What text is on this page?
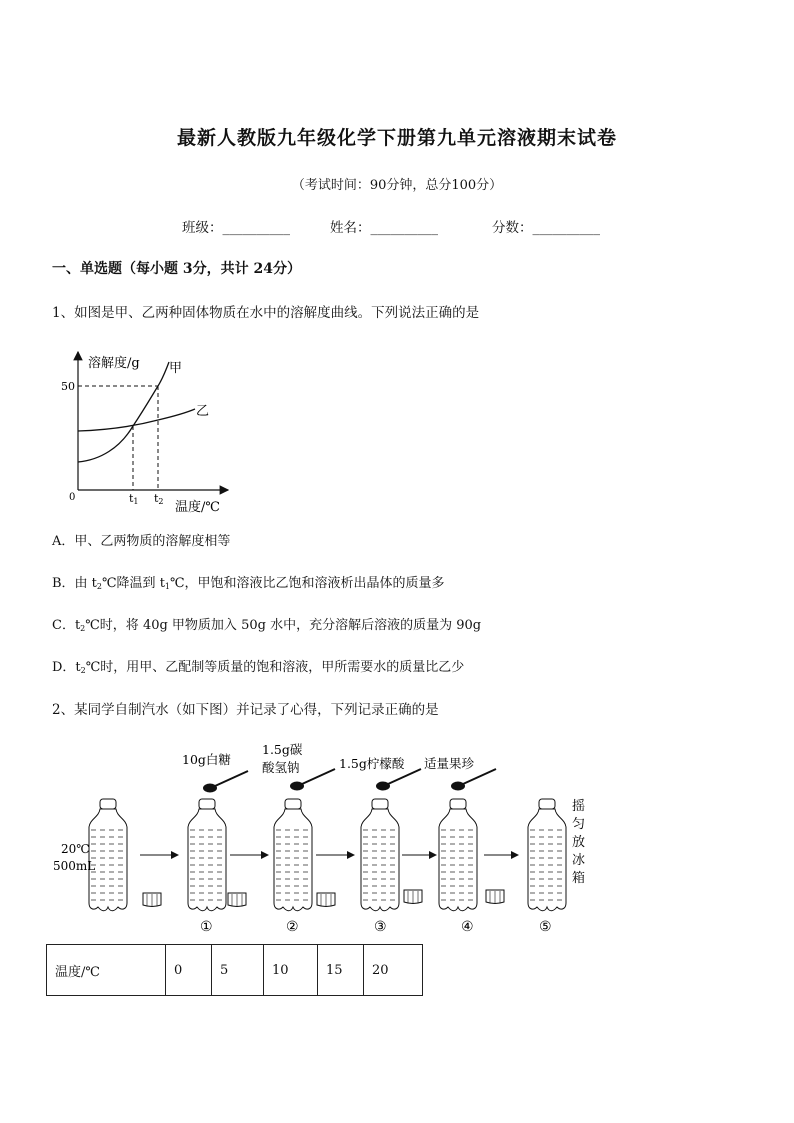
最新人教版九年级化学下册第九单元溶液期末试卷
（考试时间：90分钟，总分100分）
班级：__________	姓名：__________	分数：__________
一、单选题（每小题 3分，共计 24分）
1、如图是甲、乙两种固体物质在水中的溶解度曲线。下列说法正确的是
溶解度/g
50
甲
乙
0	t1 t2 温度/℃
A．甲、乙两物质的溶解度相等
B．由 $t_2℃$降温到 $t_1℃$，甲饱和溶液比乙饱和溶液析出晶体的质量多
C．$t_2℃$时，将 40g 甲物质加入 50g 水中，充分溶解后溶液的质量为 90g
D．$t_2℃$时，用甲、乙配制等质量的饱和溶液，甲所需要水的质量比乙少
2、某同学自制汽水（如下图）并记录了心得，下列记录正确的是
20℃
500mL
10g白糖
1.5g碳
酸氢钠	1.5g柠檬酸 适量果珍
摇
匀
放
冰
箱
①	②	③	④	⑤
温度/℃	0	5	10	15	20
